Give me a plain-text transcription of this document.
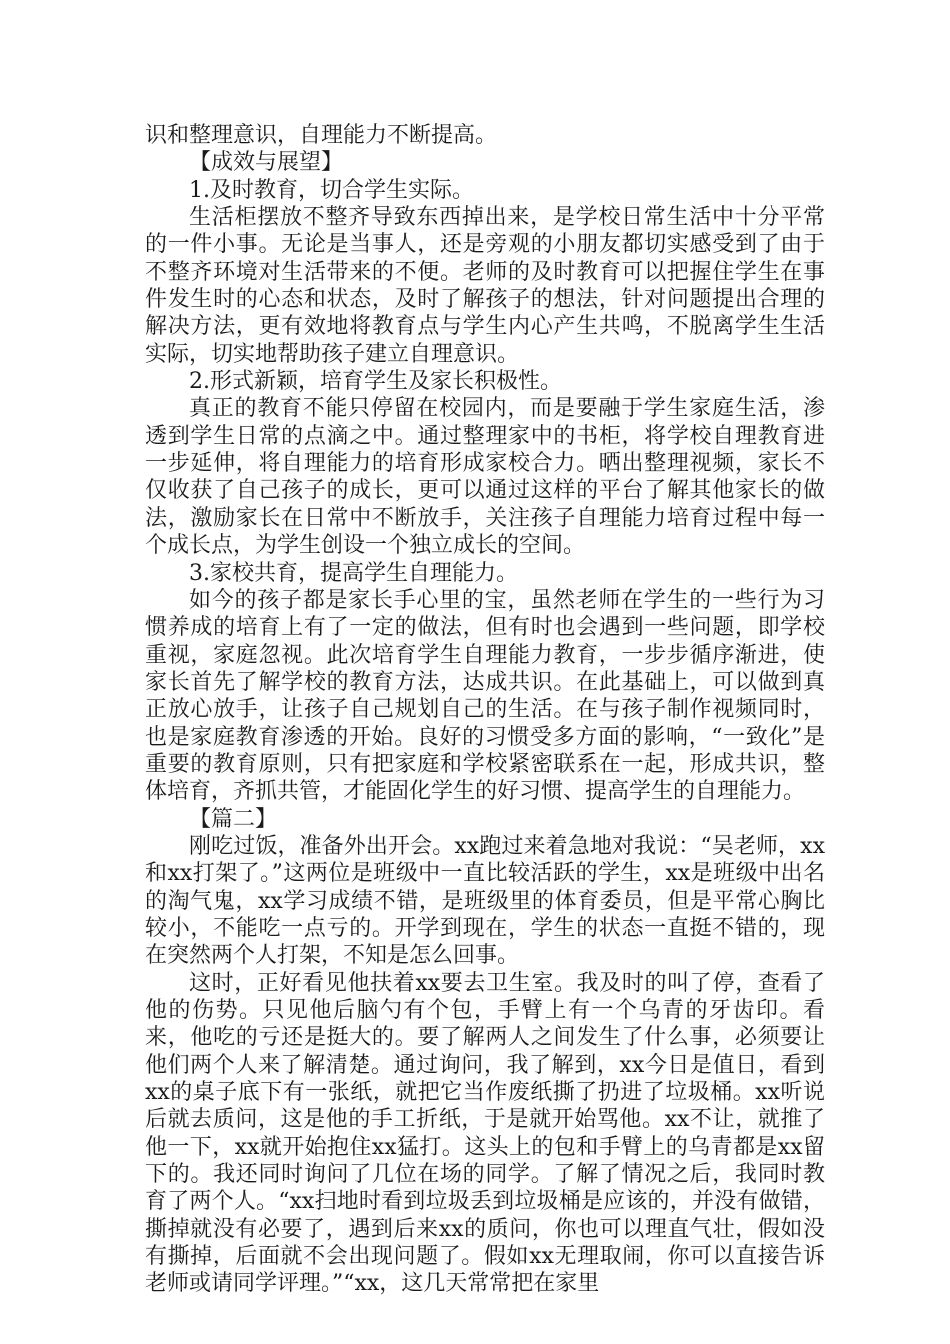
识和整理意识，自理能力不断提高。

【成效与展望】

1.及时教育，切合学生实际。

生活柜摆放不整齐导致东西掉出来，是学校日常生活中十分平常的一件小事。无论是当事人，还是旁观的小朋友都切实感受到了由于不整齐环境对生活带来的不便。老师的及时教育可以把握住学生在事件发生时的心态和状态，及时了解孩子的想法，针对问题提出合理的解决方法，更有效地将教育点与学生内心产生共鸣，不脱离学生生活实际，切实地帮助孩子建立自理意识。

2.形式新颖，培育学生及家长积极性。

真正的教育不能只停留在校园内，而是要融于学生家庭生活，渗透到学生日常的点滴之中。通过整理家中的书柜，将学校自理教育进一步延伸，将自理能力的培育形成家校合力。晒出整理视频，家长不仅收获了自己孩子的成长，更可以通过这样的平台了解其他家长的做法，激励家长在日常中不断放手，关注孩子自理能力培育过程中每一个成长点，为学生创设一个独立成长的空间。

3.家校共育，提高学生自理能力。

如今的孩子都是家长手心里的宝，虽然老师在学生的一些行为习惯养成的培育上有了一定的做法，但有时也会遇到一些问题，即学校重视，家庭忽视。此次培育学生自理能力教育，一步步循序渐进，使家长首先了解学校的教育方法，达成共识。在此基础上，可以做到真正放心放手，让孩子自己规划自己的生活。在与孩子制作视频同时，也是家庭教育渗透的开始。良好的习惯受多方面的影响，“一致化”是重要的教育原则，只有把家庭和学校紧密联系在一起，形成共识，整体培育，齐抓共管，才能固化学生的好习惯、提高学生的自理能力。

【篇二】

刚吃过饭，准备外出开会。xx跑过来着急地对我说：“吴老师，xx和xx打架了。”这两位是班级中一直比较活跃的学生，xx是班级中出名的淘气鬼，xx学习成绩不错，是班级里的体育委员，但是平常心胸比较小，不能吃一点亏的。开学到现在，学生的状态一直挺不错的，现在突然两个人打架，不知是怎么回事。

这时，正好看见他扶着xx要去卫生室。我及时的叫了停，查看了他的伤势。只见他后脑勺有个包，手臂上有一个乌青的牙齿印。看来，他吃的亏还是挺大的。要了解两人之间发生了什么事，必须要让他们两个人来了解清楚。通过询问，我了解到，xx今日是值日，看到xx的桌子底下有一张纸，就把它当作废纸撕了扔进了垃圾桶。xx听说后就去质问，这是他的手工折纸，于是就开始骂他。xx不让，就推了他一下，xx就开始抱住xx猛打。这头上的包和手臂上的乌青都是xx留下的。我还同时询问了几位在场的同学。了解了情况之后，我同时教育了两个人。“xx扫地时看到垃圾丢到垃圾桶是应该的，并没有做错，撕掉就没有必要了，遇到后来xx的质问，你也可以理直气壮，假如没有撕掉，后面就不会出现问题了。假如xx无理取闹，你可以直接告诉老师或请同学评理。”“xx，这几天常常把在家里
